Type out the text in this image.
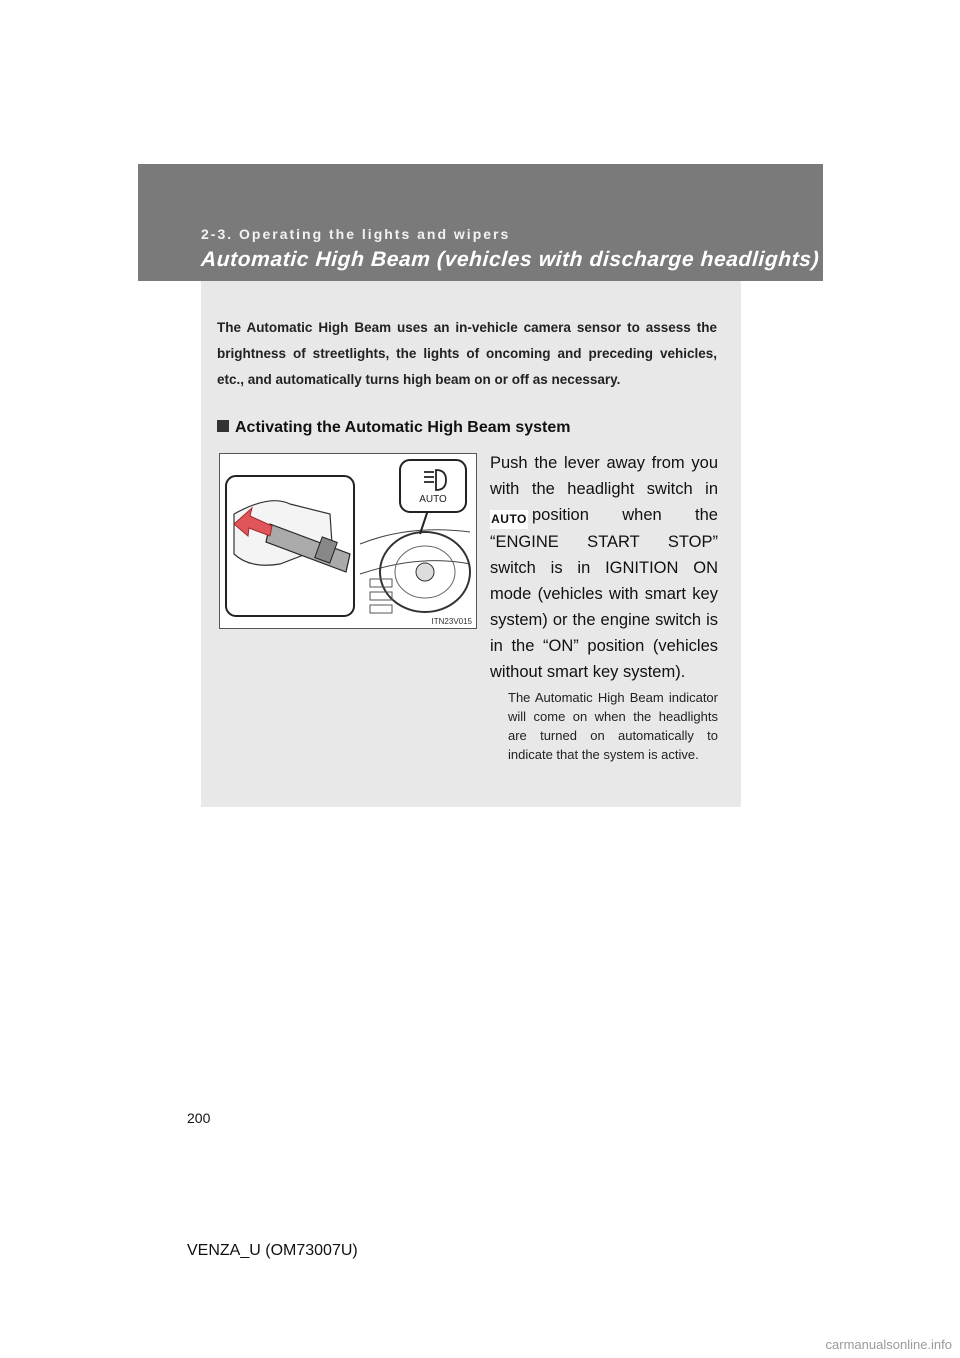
2-3. Operating the lights and wipers
Automatic High Beam (vehicles with discharge headlights)
The Automatic High Beam uses an in-vehicle camera sensor to assess the brightness of streetlights, the lights of oncoming and preceding vehicles, etc., and automatically turns high beam on or off as necessary.
Activating the Automatic High Beam system
AUTO
ITN23V015
Push the lever away from you with the headlight switch in AUTO position when the “ENGINE START STOP” switch is in IGNITION ON mode (vehicles with smart key system) or the engine switch is in the “ON” position (vehicles without smart key system).
The Automatic High Beam indicator will come on when the headlights are turned on automatically to indicate that the system is active.
200
VENZA_U (OM73007U)
carmanualsonline.info
